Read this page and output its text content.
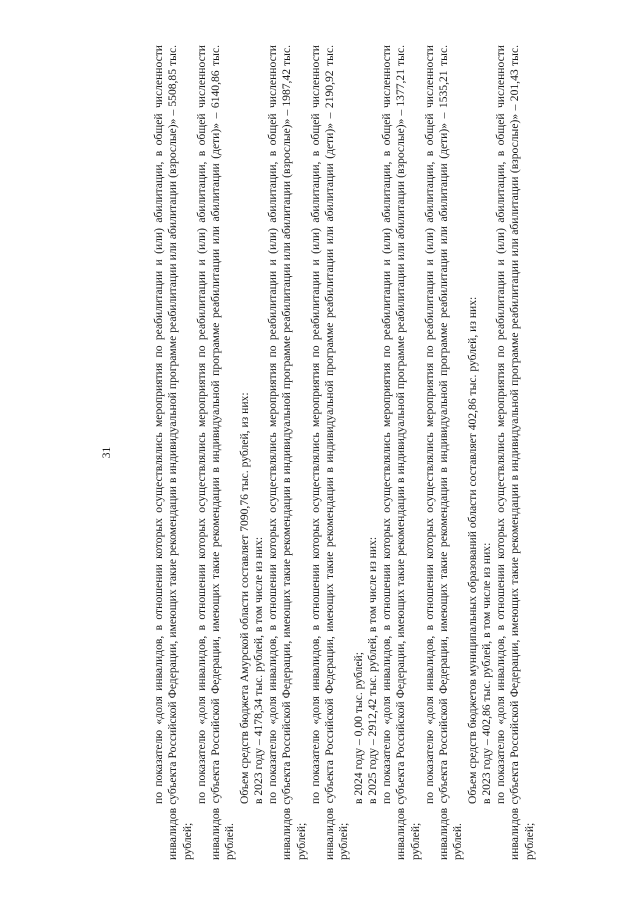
31	по показателю «доля инвалидов, в отношении которых осуществлялись мероприятия по реабилитации и (или) абилитации, в общей численности инвалидов субъекта Российской Федерации, имеющих такие рекомендации в индивидуальной программе реабилитации или абилитации (взрослые)» – 5508,85 тыс. рублей;

по показателю «доля инвалидов, в отношении которых осуществлялись мероприятия по реабилитации и (или) абилитации, в общей численности инвалидов субъекта Российской Федерации, имеющих такие рекомендации в индивидуальной программе реабилитации или абилитации (дети)» – 6140,86 тыс. рублей.

Объем средств бюджета Амурской области составляет 7090,76 тыс. рублей, из них: в 2023 году – 4178,34 тыс. рублей, в том числе из них: по показателю «доля инвалидов, в отношении которых осуществлялись мероприятия по реабилитации и (или) абилитации, в общей численности инвалидов субъекта Российской Федерации, имеющих такие рекомендации в индивидуальной программе реабилитации или абилитации (взрослые)» – 1987,42 тыс. рублей;

по показателю «доля инвалидов, в отношении которых осуществлялись мероприятия по реабилитации и (или) абилитации, в общей численности инвалидов субъекта Российской Федерации, имеющих такие рекомендации в индивидуальной программе реабилитации или абилитации (дети)» – 2190,92 тыс. рублей;

в 2024 году – 0,00 тыс. рублей; в 2025 году – 2912,42 тыс. рублей, в том числе из них: по показателю «доля инвалидов, в отношении которых осуществлялись мероприятия по реабилитации и (или) абилитации, в общей численности инвалидов субъекта Российской Федерации, имеющих такие рекомендации в индивидуальной программе реабилитации или абилитации (взрослые)» – 1377,21 тыс. рублей;

по показателю «доля инвалидов, в отношении которых осуществлялись мероприятия по реабилитации и (или) абилитации, в общей численности инвалидов субъекта Российской Федерации, имеющих такие рекомендации в индивидуальной программе реабилитации или абилитации (дети)» – 1535,21 тыс. рублей.

Объем средств бюджетов муниципальных образований области составляет 402,86 тыс. рублей, из них: в 2023 году – 402,86 тыс. рублей, в том числе из них: по показателю «доля инвалидов, в отношении которых осуществлялись мероприятия по реабилитации и (или) абилитации, в общей численности инвалидов субъекта Российской Федерации, имеющих такие рекомендации в индивидуальной программе реабилитации или абилитации (взрослые)» – 201,43 тыс. рублей;
